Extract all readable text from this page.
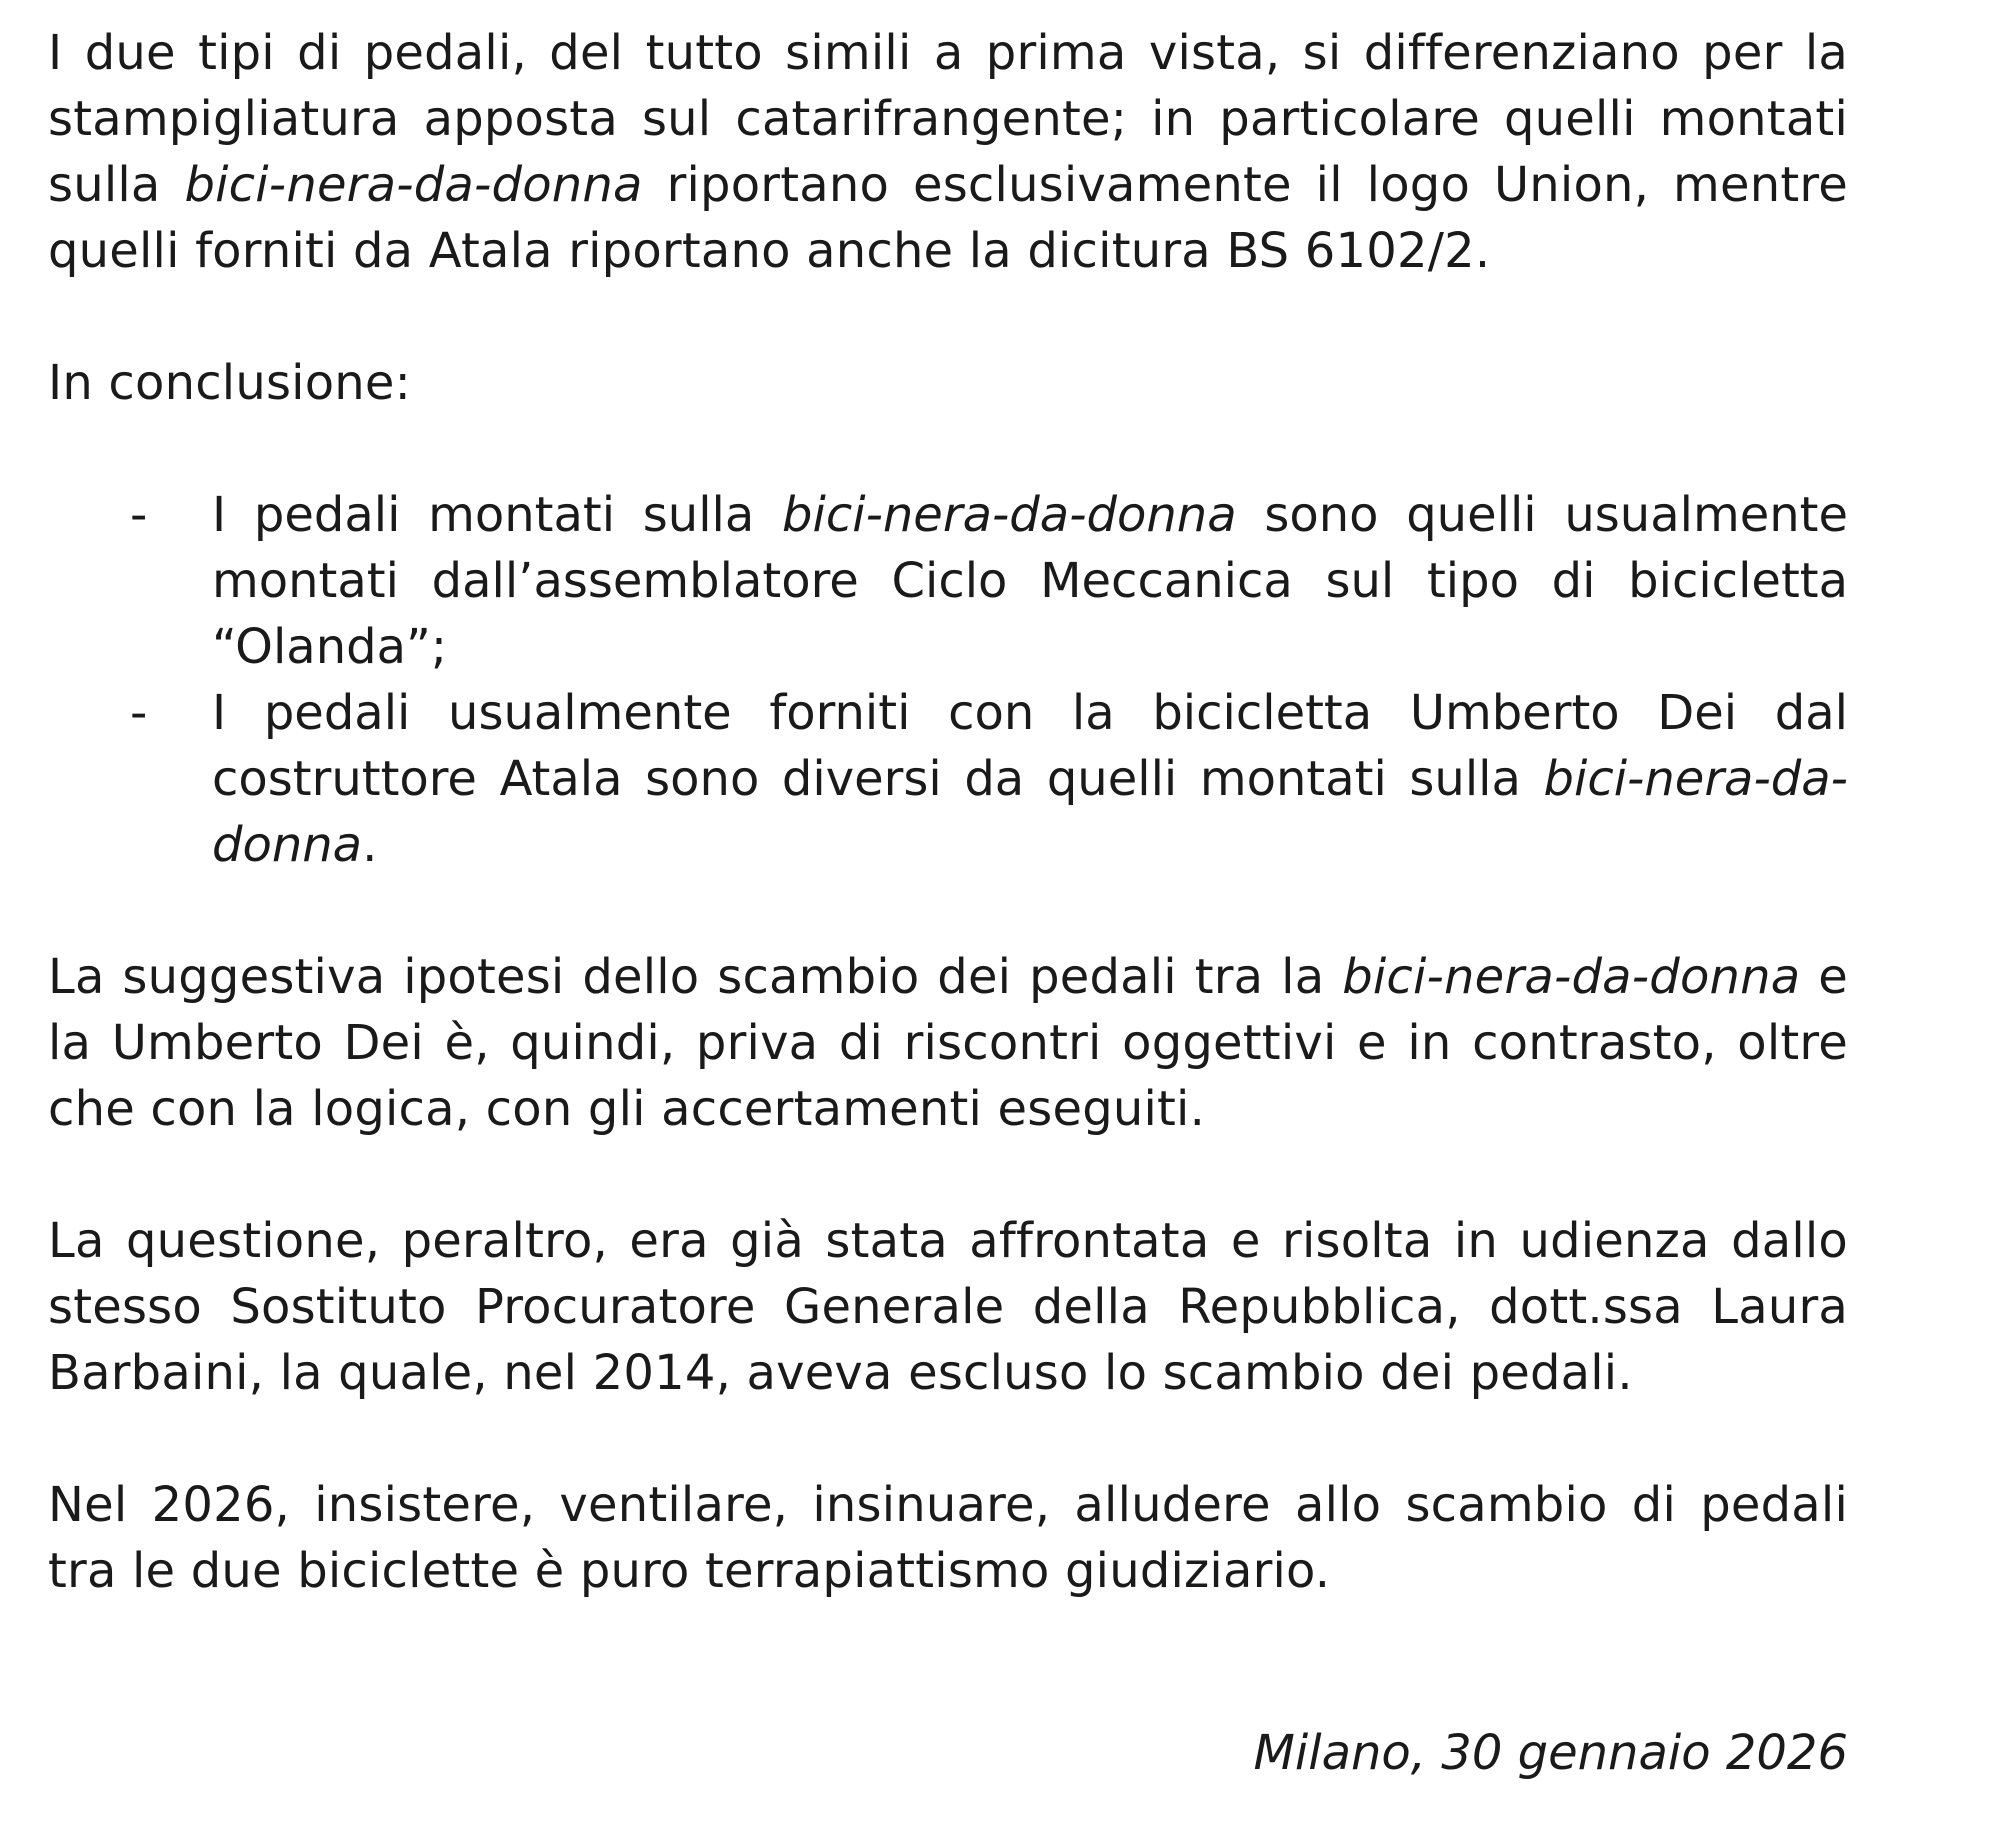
I due tipi di pedali, del tutto simili a prima vista, si differenziano per la stampigliatura apposta sul catarifrangente; in particolare quelli montati sulla bici-nera-da-donna riportano esclusivamente il logo Union, mentre quelli forniti da Atala riportano anche la dicitura BS 6102/2.

In conclusione:

- I pedali montati sulla bici-nera-da-donna sono quelli usualmente montati dall’assemblatore Ciclo Meccanica sul tipo di bicicletta “Olanda”;
- I pedali usualmente forniti con la bicicletta Umberto Dei dal costruttore Atala sono diversi da quelli montati sulla bici-nera-da-donna.

La suggestiva ipotesi dello scambio dei pedali tra la bici-nera-da-donna e la Umberto Dei è, quindi, priva di riscontri oggettivi e in contrasto, oltre che con la logica, con gli accertamenti eseguiti.

La questione, peraltro, era già stata affrontata e risolta in udienza dallo stesso Sostituto Procuratore Generale della Repubblica, dott.ssa Laura Barbaini, la quale, nel 2014, aveva escluso lo scambio dei pedali.

Nel 2026, insistere, ventilare, insinuare, alludere allo scambio di pedali tra le due biciclette è puro terrapiattismo giudiziario.

Milano, 30 gennaio 2026
